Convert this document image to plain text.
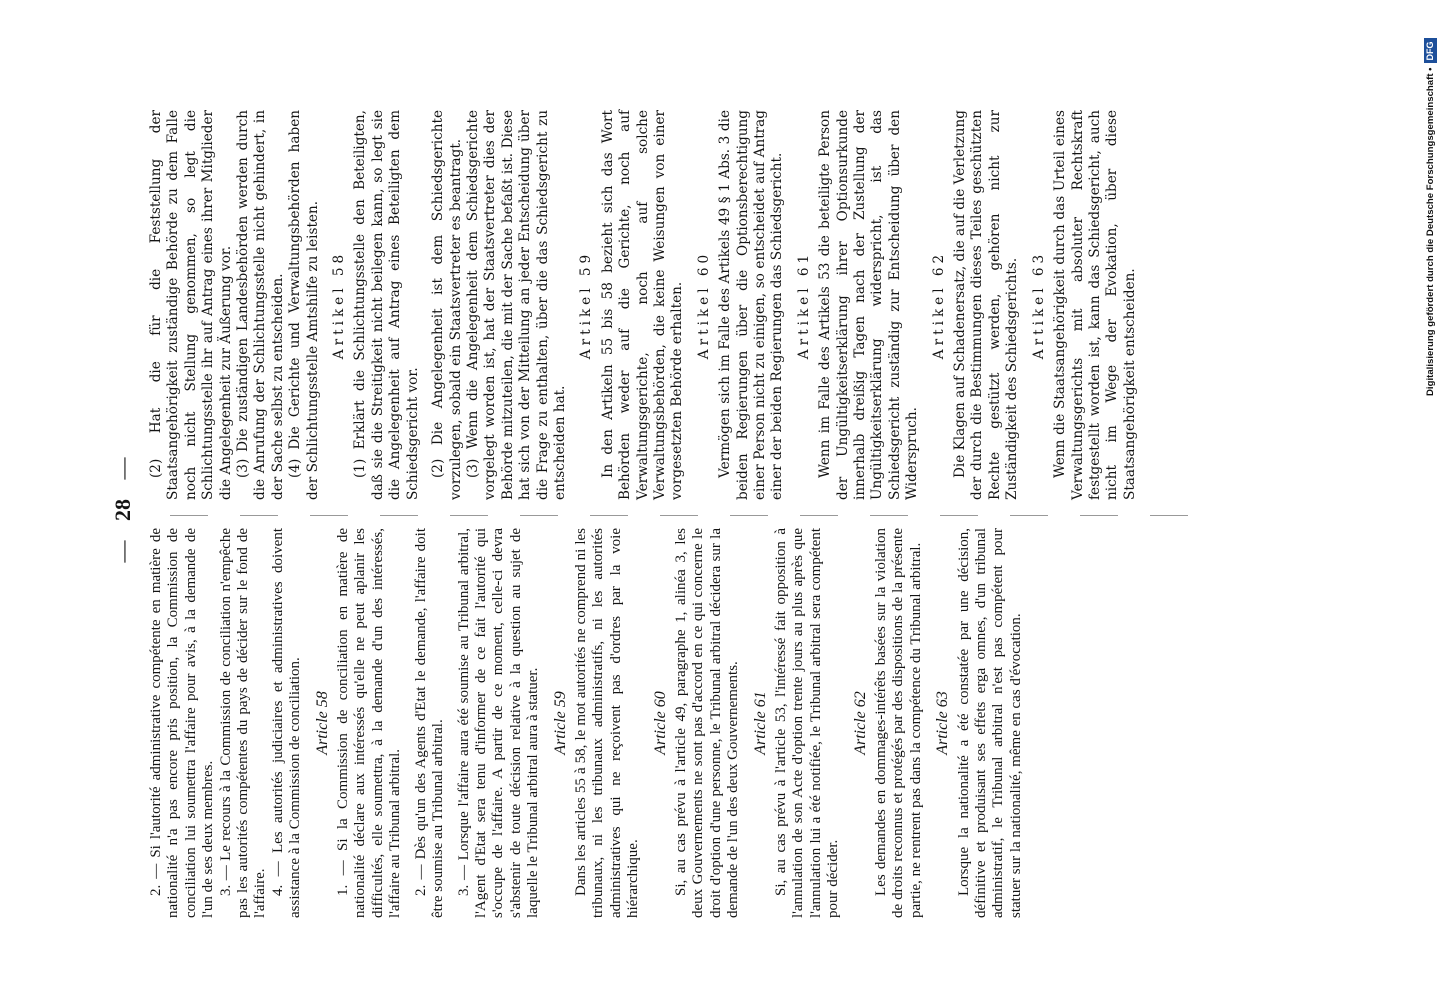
— 28 —

2. — Si l'autorité administrative compétente en matière de nationalité n'a pas encore pris position, la Commission de conciliation lui soumettra l'affaire pour avis, à la demande de l'un de ses deux membres. 3. — Le recours à la Commission de conciliation n'empêche pas les autorités compétentes du pays de décider sur le fond de l'affaire. 4. — Les autorités judiciaires et administratives doivent assistance à la Commission de conciliation. Article 58 1. — Si la Commission de conciliation en matière de nationalité déclare aux intéressés qu'elle ne peut aplanir les difficultés, elle soumettra, à la demande d'un des intéressés, l'affaire au Tribunal arbitral. 2. — Dès qu'un des Agents d'Etat le demande, l'affaire doit être soumise au Tribunal arbitral. 3. — Lorsque l'affaire aura été soumise au Tribunal arbitral, l'Agent d'Etat sera tenu d'informer de ce fait l'autorité qui s'occupe de l'affaire. A partir de ce moment, celle-ci devra s'abstenir de toute décision relative à la question au sujet de laquelle le Tribunal arbitral aura à statuer. Article 59 Dans les articles 55 à 58, le mot autorités ne comprend ni les tribunaux, ni les tribunaux administratifs, ni les autorités administratives qui ne reçoivent pas d'ordres par la voie hiérarchique.

Article 60 Si, au cas prévu à l'article 49, paragraphe 1, alinéa 3, les deux Gouvernements ne sont pas d'accord en ce qui concerne le droit d'option d'une personne, le Tribunal arbitral décidera sur la demande de l'un des deux Gouvernements. Article 61 Si, au cas prévu à l'article 53, l'intéressé fait opposition à l'annulation de son Acte d'option trente jours au plus après que l'annulation lui a été notifiée, le Tribunal arbitral sera compétent pour décider.

Article 62 Les demandes en dommages-intérêts basées sur la violation de droits reconnus et protégés par des dispositions de la présente partie, ne rentrent pas dans la compétence du Tribunal arbitral. Article 63 Lorsque la nationalité a été constatée par une décision, définitive et produisant ses effets erga omnes, d'un tribunal administratif, le Tribunal arbitral n'est pas compétent pour statuer sur la nationalité, même en cas d'évocation.

(2) Hat die für die Feststellung der Staatsangehörigkeit zuständige Behörde zu dem Falle noch nicht Stellung genommen, so legt die Schlichtungsstelle ihr auf Antrag eines ihrer Mitglieder die Angelegenheit zur Äußerung vor. (3) Die zuständigen Landesbehörden werden durch die Anrufung der Schlichtungsstelle nicht gehindert, in der Sache selbst zu entscheiden. (4) Die Gerichte und Verwaltungsbehörden haben der Schlichtungsstelle Amtshilfe zu leisten. Artikel 58 (1) Erklärt die Schlichtungsstelle den Beteiligten, daß sie die Streitigkeit nicht beilegen kann, so legt sie die Angelegenheit auf Antrag eines Beteiligten dem Schiedsgericht vor. (2) Die Angelegenheit ist dem Schiedsgerichte vorzulegen, sobald ein Staatsvertreter es beantragt. (3) Wenn die Angelegenheit dem Schiedsgerichte vorgelegt worden ist, hat der Staatsvertreter dies der Behörde mitzuteilen, die mit der Sache befaßt ist. Diese hat sich von der Mitteilung an jeder Entscheidung über die Frage zu enthalten, über die das Schiedsgericht zu entscheiden hat.

Artikel 59 In den Artikeln 55 bis 58 bezieht sich das Wort Behörden weder auf die Gerichte, noch auf Verwaltungsgerichte, noch auf solche Verwaltungsbehörden, die keine Weisungen von einer vorgesetzten Behörde erhalten. Artikel 60 Vermögen sich im Falle des Artikels 49 § 1 Abs. 3 die beiden Regierungen über die Optionsberechtigung einer Person nicht zu einigen, so entscheidet auf Antrag einer der beiden Regierungen das Schiedsgericht. Artikel 61 Wenn im Falle des Artikels 53 die beteiligte Person der Ungültigkeitserklärung ihrer Optionsurkunde innerhalb dreißig Tagen nach der Zustellung der Ungültigkeitserklärung widerspricht, ist das Schiedsgericht zuständig zur Entscheidung über den Widerspruch.

Artikel 62 Die Klagen auf Schadenersatz, die auf die Verletzung der durch die Bestimmungen dieses Teiles geschützten Rechte gestützt werden, gehören nicht zur Zuständigkeit des Schiedsgerichts. Artikel 63 Wenn die Staatsangehörigkeit durch das Urteil eines Verwaltungsgerichts mit absoluter Rechtskraft festgestellt worden ist, kann das Schiedsgericht, auch nicht im Wege der Evokation, über diese Staatsangehörigkeit entscheiden.	Digitalisierung gefördert durch die Deutsche Forschungsgemeinschaft •DFG
